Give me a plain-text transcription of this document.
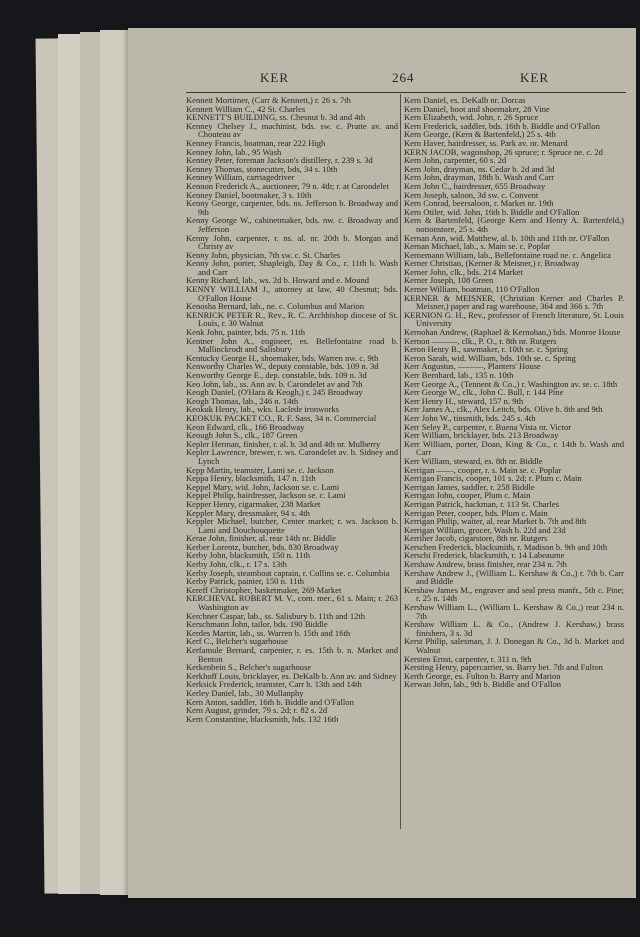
KER	264	KER
Kennett Mortimer, (Carr & Kennett,) r. 26 s. 7th
Kennett William C., 42 St. Charles
KENNETT'S BUILDING, ss. Chesnut b. 3d and 4th
Kenney Chelsey J., machinist, bds. sw. c. Pratte av. and Chouteau av
Kenney Francis, boatman, rear 222 High
Kenney John, lab., 95 Wash
Kenney Peter, foreman Jackson's distillery, r. 239 s. 3d
Kenney Thomas, stonecutter, bds, 34 s. 10th
Kenney William, carriagedriver
Kennon Frederick A., auctioneer, 79 n. 4th; r. at Carondelet
Kenney Daniel, bootmaker, 3 s. 10th
Kenny George, carpenter, bds. ns. Jefferson b. Broadway and 9th
Kenny George W., cabinetmaker, bds. nw. c. Broadway and Jefferson
Kenny John, carpenter, r. ns. al. nr. 20th b. Morgan and Christy av
Kenny John, physician, 7th sw. c. St. Charles
Kenny John, porter, Shapleigh, Day & Co., r. 11th b. Wash and Carr
Kenny Richard, lab., ws. 2d b. Howard and e. Mound
KENNY WILLIAM J., attorney at law, 40 Chesnut; bds. O'Fallon House
Kenosha Bernard, lab., ne. c. Columbus and Marion
KENRICK PETER R., Rev., R. C. Archbishop diocese of St. Louis, r. 30 Walnut
Kenk John, painter, bds. 75 n. 11th
Kentner John A., engineer, es. Bellefontaine road b. Mallinckrodt and Salisbury
Kentucky George H., shoemaker, bds. Warren nw. c. 9th
Kenworthy Charles W., deputy constable, bds. 109 n. 3d
Kenworthy George E., dep. constable, bds. 109 n. 3d
Keo John, lab., ss. Ann av. b. Carondelet av and 7th
Keogh Daniel, (O'Hara & Keogh,) r. 245 Broadway
Keogh Thomas, lab., 246 n. 14th
Keokuk Henry, lab., wks. Laclede ironworks
KEOKUK PACKET CO., R. F. Sass, 34 n. Commercial
Keon Edward, clk., 166 Broadway
Keough John S., clk., 187 Green
Kepler Herman, finisher, r. al. b. 3d and 4th nr. Mulberry
Kepler Lawrence, brewer, r. ws. Carondelet av. b. Sidney and Lynch
Kepp Martin, teamster, Lami se. c. Jackson
Keppa Henry, blacksmith, 147 n. 11th
Keppel Mary, wid. John, Jackson se. c. Lami
Keppel Philip, hairdresser, Jackson se. c. Lami
Kepper Henry, cigarmaker, 238 Market
Keppler Mary, dressmaker, 94 s. 4th
Keppler Michael, butcher, Center market; r. ws. Jackson b. Lami and Douchouquette
Kerae John, finisher, al. rear 14th nr. Biddle
Kerber Lorentz, butcher, bds. 830 Broadway
Kerby John, blacksmith, 150 n. 11th
Kerby John, clk., r. 17 s. 13th
Kerby Joseph, steamboat captain, r. Collins se. c. Columbia
Kerby Patrick, painter, 150 n. 11th
Kereff Christopher, basketmaker, 269 Market
KERCHEVAL ROBERT M. V., com. mer., 61 s. Main; r. 263 Washington av
Kerchner Caspar, lab., ss. Salisbury b. 11th and 12th
Kerschmann John, tailor, bds. 190 Biddle
Kerdes Martin, lab., ss. Warren b. 15th and 16th
Kerf C., Belcher's sugarhouse
Kerfamule Bernard, carpenter, r. es. 15th b. n. Market and Benton
Kerkenbein S., Belcher's sugarhouse
Kerkhoff Louis, bricklayer, es. DeKalb b. Ann av. and Sidney
Kerksick Frederick, teamster, Carr b. 13th and 14th
Kerley Daniel, lab., 30 Mullanphy
Kern Anton, saddler, 16th b. Biddle and O'Fallon
Kern August, grinder, 79 s. 2d; r. 82 s. 2d
Kern Constantine, blacksmith, bds. 132 16th
Kern Daniel, es. DeKalb nr. Dorcas
Kern Daniel, boot and shoemaker, 28 Vine
Kern Elizabeth, wid. John, r. 26 Spruce
Kern Frederick, saddler, bds. 16th b. Biddle and O'Fallon
Kern George, (Kern & Bartenfeld,) 25 s. 4th
Kern Haver, hairdresser, ss. Park av. nr. Menard
KERN JACOB, wagonshop, 26 spruce; r. Spruce ne. c. 2d
Kern John, carpenter, 60 s. 2d
Kern John, drayman, ns. Cedar b. 2d and 3d
Kern John, drayman, 18th b. Wash and Carr
Kern John C., hairdresser, 655 Broadway
Kern Joseph, saloon, 3d sw. c. Convent
Kern Conrad, beersaloon, r. Market nr. 19th
Kern Otiler, wid. John, 16th b. Biddle and O'Fallon
Kern & Bartenfeld, (George Kern and Henry A. Bartenfeld,) notionstore, 25 s. 4th
Kernan Ann, wid. Matthew, al. b. 10th and 11th nr. O'Fallon
Kernan Michael, lab., s. Main se. c. Poplar
Kernemann William, lab., Bellefontaine road ne. c. Angelica
Kerner Christian, (Kerner & Meisner,) r. Broadway
Kerner John, clk., bds. 214 Market
Kerner Joseph, 108 Green
Kerner William, boatman, 110 O'Fallon
KERNER & MEISNER, (Christian Kerner and Charles P. Meisner,) paper and rag warehouse, 364 and 366 s. 7th
KERNION G. H., Rev., professor of French literature, St. Louis University
Kernohan Andrew, (Raphael & Kernohan,) bds. Monroe House
Kernon ———, clk., P. O., r. 8th nr. Rutgers
Keron Henry B., sawmaker, r. 10th se. c. Spring
Keron Sarah, wid. William, bds. 10th se. c. Spring
Kerr Augustus, ———, Planters' House
Kerr Bernhard, lab., 135 n. 10th
Kerr George A., (Tennent & Co.,) r. Washington av. se. c. 18th
Kerr George W., clk., John C. Bull, r. 144 Pine
Kerr Henry H., steward, 157 n. 9th
Kerr James A., clk., Alex Leitch, bds. Olive b. 8th and 9th
Kerr John W., tinsmith, bds. 245 s. 4th
Kerr Seley P., carpenter, r. Buena Vista nr. Victor
Kerr William, bricklayer, bds. 213 Broadway
Kerr William, porter, Doan, King & Co., r. 14th b. Wash and Carr
Kerr William, steward, es. 8th nr. Biddle
Kerrigan ——, cooper, r. s. Main se. c. Poplar
Kerrigan Francis, cooper, 101 s. 2d; r. Plum c. Main
Kerrigan James, saddler, r. 258 Biddle
Kerrigan John, cooper, Plum c. Main
Kerrigan Patrick, hackman, r. 113 St. Charles
Kerrigan Peter, cooper, bds. Plum c. Main
Kerrigan Philip, waiter, al. rear Market b. 7th and 8th
Kerrigan William, grocer, Wash b. 22d and 23d
Kerriher Jacob, cigarstore, 8th nr. Rutgers
Kerschen Frederick, blacksmith, r. Madison b. 9th and 10th
Kerschi Frederick, blacksmith, r. 14 Labeaume
Kershaw Andrew, brass finisher, rear 234 n. 7th
Kershaw Andrew J., (William L. Kershaw & Co.,) r. 7th b. Carr and Biddle
Kershaw James M., engraver and seal press manfr., 5th c. Pine; r. 25 n. 14th
Kershaw William L., (William L. Kershaw & Co.,) rear 234 n. 7th
Kershaw William L. & Co., (Andrew J. Kershaw,) brass finishers, 3 s. 3d
Kerst Philip, salesman, J. J. Donegan & Co., 3d b. Market and Walnut
Kersten Ernst, carpenter, r. 311 n. 9th
Kersting Henry, papercarrier, ss. Barry bet. 7th and Fulton
Kerth George, es. Fulton b. Barry and Marion
Kerwan John, lab., 9th b. Biddle and O'Fallon
